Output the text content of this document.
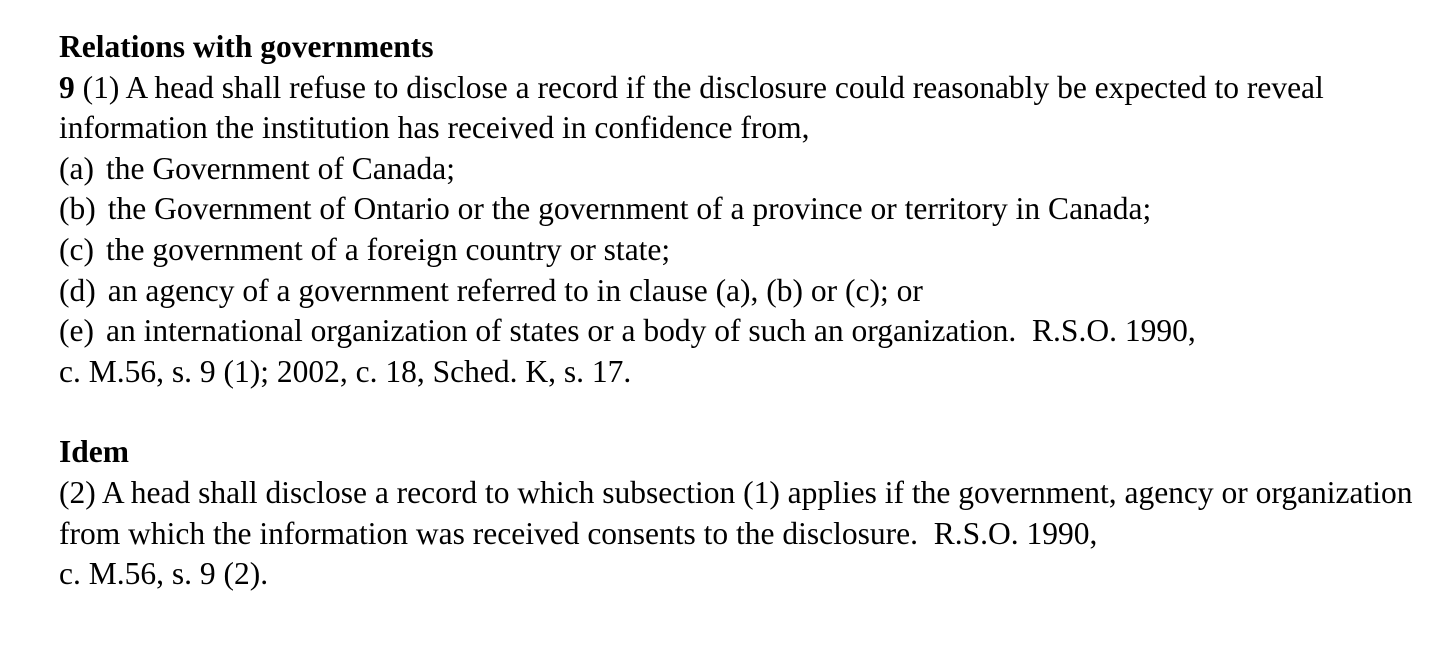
Relations with governments
9 (1) A head shall refuse to disclose a record if the disclosure could reasonably be expected to reveal information the institution has received in confidence from,
(a) the Government of Canada;
(b) the Government of Ontario or the government of a province or territory in Canada;
(c) the government of a foreign country or state;
(d) an agency of a government referred to in clause (a), (b) or (c); or
(e) an international organization of states or a body of such an organization. R.S.O. 1990,
c. M.56, s. 9 (1); 2002, c. 18, Sched. K, s. 17.
Idem
(2) A head shall disclose a record to which subsection (1) applies if the government, agency or organization from which the information was received consents to the disclosure. R.S.O. 1990,
c. M.56, s. 9 (2).
